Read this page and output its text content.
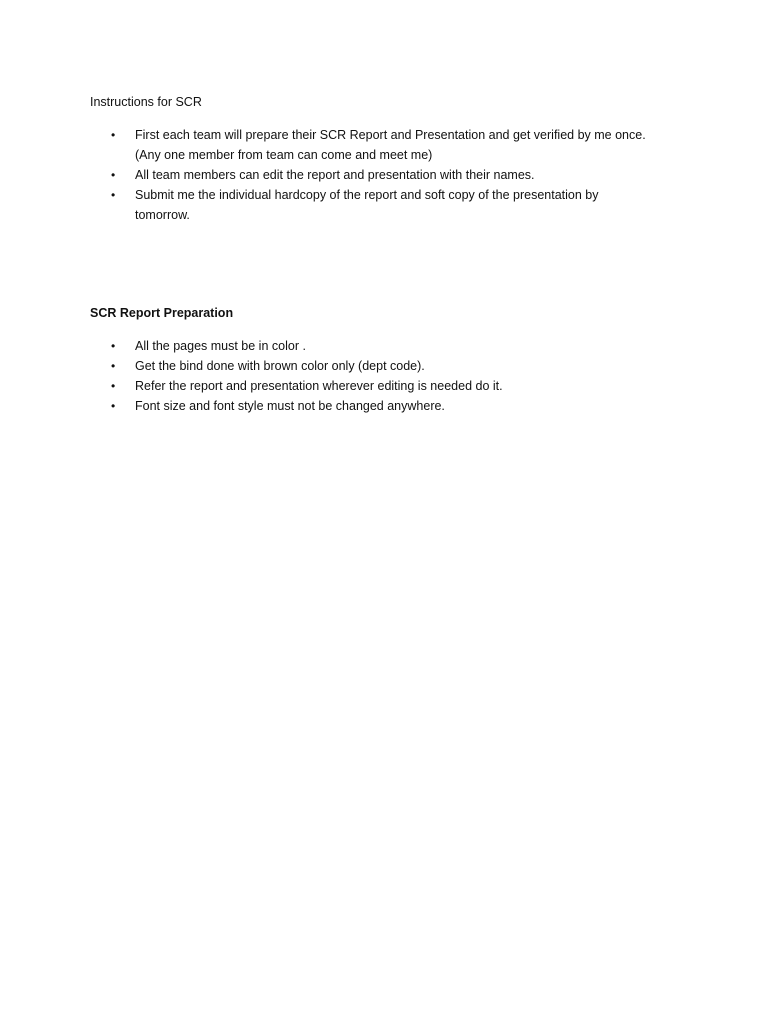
Instructions for SCR
• First each team will prepare their SCR Report and Presentation and get verified by me once.
(Any one member from team can come and meet me)
• All team members can edit the report and presentation with their names.
• Submit me the individual hardcopy of the report and soft copy of the presentation by
tomorrow.
SCR Report Preparation
• All the pages must be in color .
• Get the bind done with brown color only (dept code).
• Refer the report and presentation wherever editing is needed do it.
• Font size and font style must not be changed anywhere.
